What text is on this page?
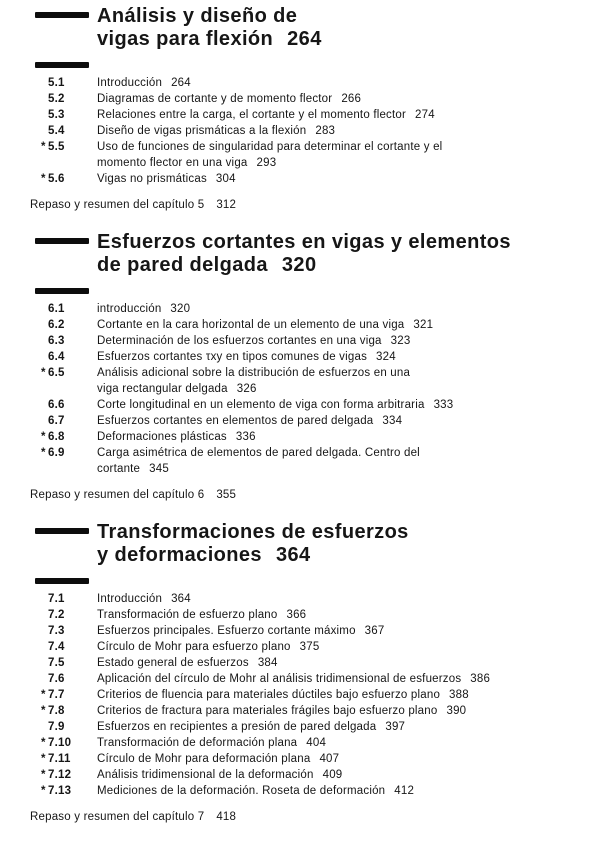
Análisis y diseño de
vigas para flexión 264
5.1	Introducción 264
5.2	Diagramas de cortante y de momento flector 266
5.3	Relaciones entre la carga, el cortante y el momento flector 274
5.4	Diseño de vigas prismáticas a la flexión 283
* 5.5	Uso de funciones de singularidad para determinar el cortante y el
momento flector en una viga 293
* 5.6	Vigas no prismáticas 304

Repaso y resumen del capítulo 5 312

Esfuerzos cortantes en vigas y elementos
de pared delgada 320
6.1	introducción 320
6.2	Cortante en la cara horizontal de un elemento de una viga 321
6.3	Determinación de los esfuerzos cortantes en una viga 323
6.4	Esfuerzos cortantes τxy en tipos comunes de vigas 324
* 6.5	Análisis adicional sobre la distribución de esfuerzos en una
viga rectangular delgada 326
6.6	Corte longitudinal en un elemento de viga con forma arbitraria 333
6.7	Esfuerzos cortantes en elementos de pared delgada 334
* 6.8	Deformaciones plásticas 336
* 6.9	Carga asimétrica de elementos de pared delgada. Centro del
cortante 345

Repaso y resumen del capítulo 6 355

Transformaciones de esfuerzos
y deformaciones 364
7.1	Introducción 364
7.2	Transformación de esfuerzo plano 366
7.3	Esfuerzos principales. Esfuerzo cortante máximo 367
7.4	Círculo de Mohr para esfuerzo plano 375
7.5	Estado general de esfuerzos 384
7.6	Aplicación del círculo de Mohr al análisis tridimensional de esfuerzos 386
* 7.7	Criterios de fluencia para materiales dúctiles bajo esfuerzo plano 388
* 7.8	Criterios de fractura para materiales frágiles bajo esfuerzo plano 390
7.9	Esfuerzos en recipientes a presión de pared delgada 397
* 7.10	Transformación de deformación plana 404
* 7.11	Círculo de Mohr para deformación plana 407
* 7.12	Análisis tridimensional de la deformación 409
* 7.13	Mediciones de la deformación. Roseta de deformación 412

Repaso y resumen del capítulo 7 418
